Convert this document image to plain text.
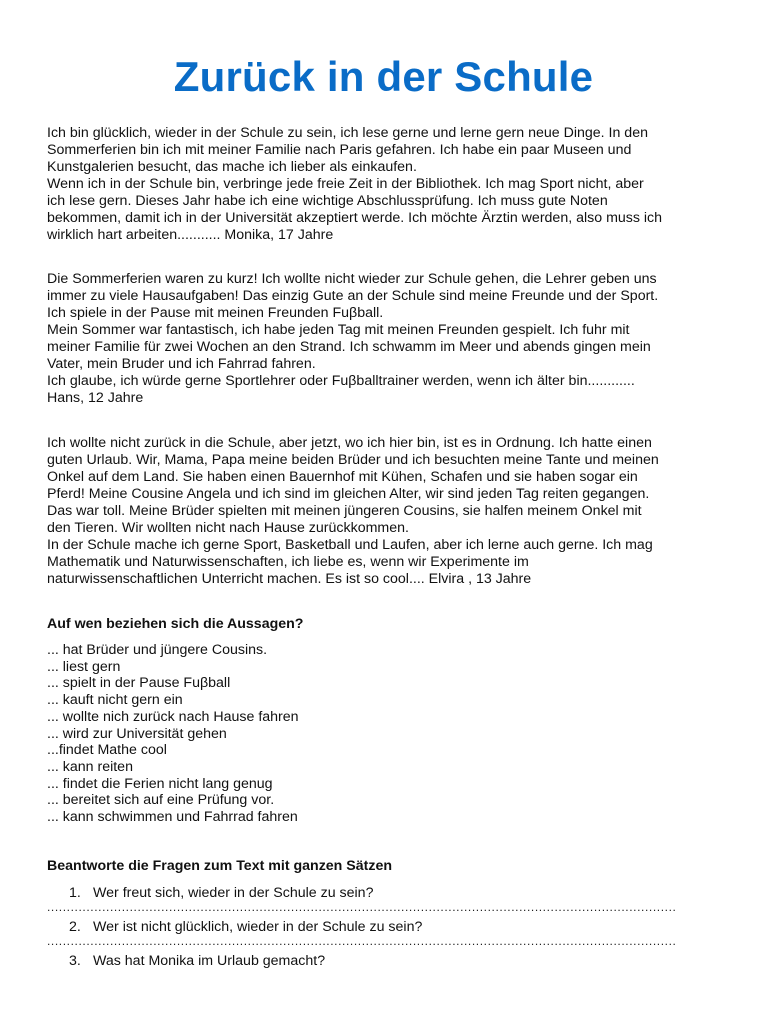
Zurück in der Schule

Ich bin glücklich, wieder in der Schule zu sein, ich lese gerne und lerne gern neue Dinge. In den
Sommerferien bin ich mit meiner Familie nach Paris gefahren. Ich habe ein paar Museen und
Kunstgalerien besucht, das mache ich lieber als einkaufen.
Wenn ich in der Schule bin, verbringe jede freie Zeit in der Bibliothek. Ich mag Sport nicht, aber
ich lese gern. Dieses Jahr habe ich eine wichtige Abschlussprüfung. Ich muss gute Noten
bekommen, damit ich in der Universität akzeptiert werde. Ich möchte Ärztin werden, also muss ich
wirklich hart arbeiten........... Monika, 17 Jahre

Die Sommerferien waren zu kurz! Ich wollte nicht wieder zur Schule gehen, die Lehrer geben uns
immer zu viele Hausaufgaben! Das einzig Gute an der Schule sind meine Freunde und der Sport.
Ich spiele in der Pause mit meinen Freunden Fuβball.
Mein Sommer war fantastisch, ich habe jeden Tag mit meinen Freunden gespielt. Ich fuhr mit
meiner Familie für zwei Wochen an den Strand. Ich schwamm im Meer und abends gingen mein
Vater, mein Bruder und ich Fahrrad fahren.
Ich glaube, ich würde gerne Sportlehrer oder Fuβballtrainer werden, wenn ich älter bin............
Hans, 12 Jahre

Ich wollte nicht zurück in die Schule, aber jetzt, wo ich hier bin, ist es in Ordnung. Ich hatte einen
guten Urlaub. Wir, Mama, Papa meine beiden Brüder und ich besuchten meine Tante und meinen
Onkel auf dem Land. Sie haben einen Bauernhof mit Kühen, Schafen und sie haben sogar ein
Pferd! Meine Cousine Angela und ich sind im gleichen Alter, wir sind jeden Tag reiten gegangen.
Das war toll. Meine Brüder spielten mit meinen jüngeren Cousins, sie halfen meinem Onkel mit
den Tieren. Wir wollten nicht nach Hause zurückkommen.
In der Schule mache ich gerne Sport, Basketball und Laufen, aber ich lerne auch gerne. Ich mag
Mathematik und Naturwissenschaften, ich liebe es, wenn wir Experimente im
naturwissenschaftlichen Unterricht machen. Es ist so cool.... Elvira , 13 Jahre

Auf wen beziehen sich die Aussagen?
... hat Brüder und jüngere Cousins.
... liest gern
... spielt in der Pause Fuβball
... kauft nicht gern ein
... wollte nich zurück nach Hause fahren
... wird zur Universität gehen
...findet Mathe cool
... kann reiten
... findet die Ferien nicht lang genug
... bereitet sich auf eine Prüfung vor.
... kann schwimmen und Fahrrad fahren
Beantworte die Fragen zum Text mit ganzen Sätzen
1. Wer freut sich, wieder in der Schule zu sein?
................................................................................................................................................................
2. Wer ist nicht glücklich, wieder in der Schule zu sein?
................................................................................................................................................................
3. Was hat Monika im Urlaub gemacht?
